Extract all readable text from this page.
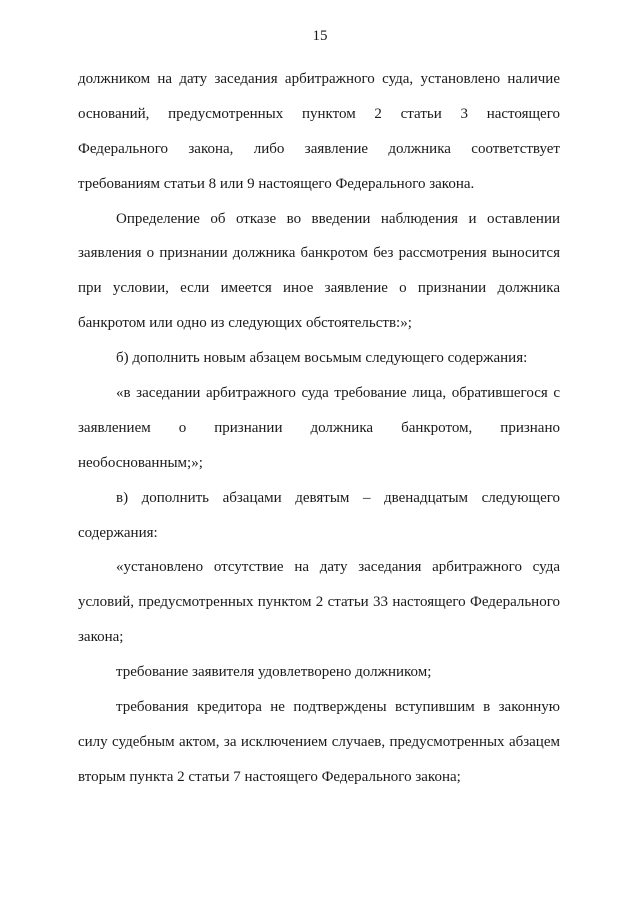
15
должником на дату заседания арбитражного суда, установлено наличие
оснований, предусмотренных пунктом 2 статьи 3 настоящего
Федерального закона, либо заявление должника соответствует
требованиям статьи 8 или 9 настоящего Федерального закона.
Определение об отказе во введении наблюдения и оставлении
заявления о признании должника банкротом без рассмотрения выносится
при условии, если имеется иное заявление о признании должника
банкротом или одно из следующих обстоятельств:»;
б) дополнить новым абзацем восьмым следующего содержания:
«в заседании арбитражного суда требование лица, обратившегося с
заявлением о признании должника банкротом, признано
необоснованным;»;
в) дополнить абзацами девятым – двенадцатым следующего
содержания:
«установлено отсутствие на дату заседания арбитражного суда
условий, предусмотренных пунктом 2 статьи 33 настоящего Федерального
закона;
требование заявителя удовлетворено должником;
требования кредитора не подтверждены вступившим в законную
силу судебным актом, за исключением случаев, предусмотренных абзацем
вторым пункта 2 статьи 7 настоящего Федерального закона;
